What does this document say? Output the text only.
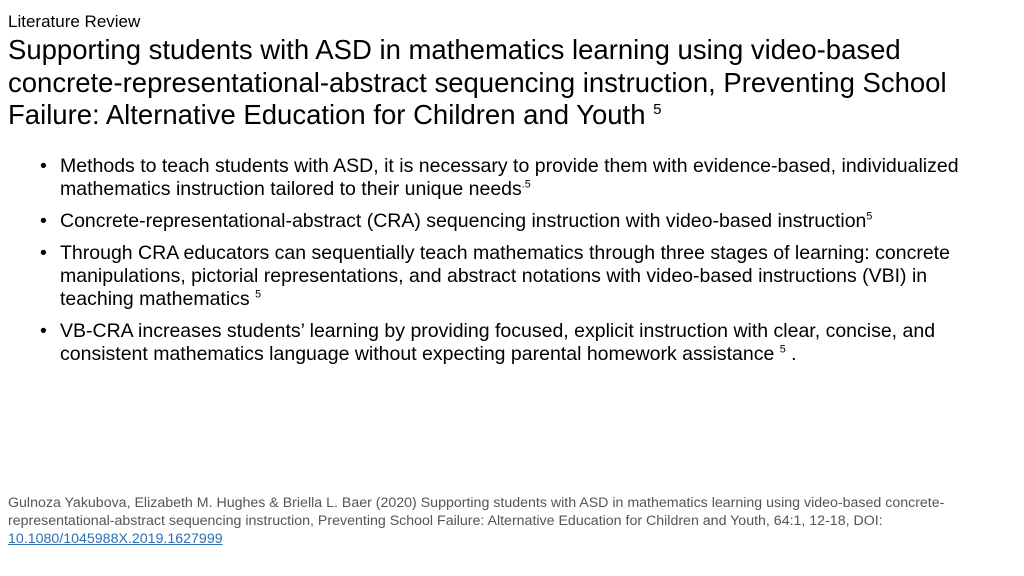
Literature Review
Supporting students with ASD in mathematics learning using video-based concrete-representational-abstract sequencing instruction, Preventing School Failure: Alternative Education for Children and Youth $^5$
• Methods to teach students with ASD, it is necessary to provide them with evidence-based, individualized mathematics instruction tailored to their unique needs$^{.5}$
• Concrete-representational-abstract (CRA) sequencing instruction with video-based instruction$^5$
• Through CRA educators can sequentially teach mathematics through three stages of learning: concrete manipulations, pictorial representations, and abstract notations with video-based instructions (VBI) in teaching mathematics $^5$
• VB-CRA increases students’ learning by providing focused, explicit instruction with clear, concise, and consistent mathematics language without expecting parental homework assistance $^5$ .
Gulnoza Yakubova, Elizabeth M. Hughes & Briella L. Baer (2020) Supporting students with ASD in mathematics learning using video-based concrete-representational-abstract sequencing instruction, Preventing School Failure: Alternative Education for Children and Youth, 64:1, 12-18, DOI: 10.1080/1045988X.2019.1627999
